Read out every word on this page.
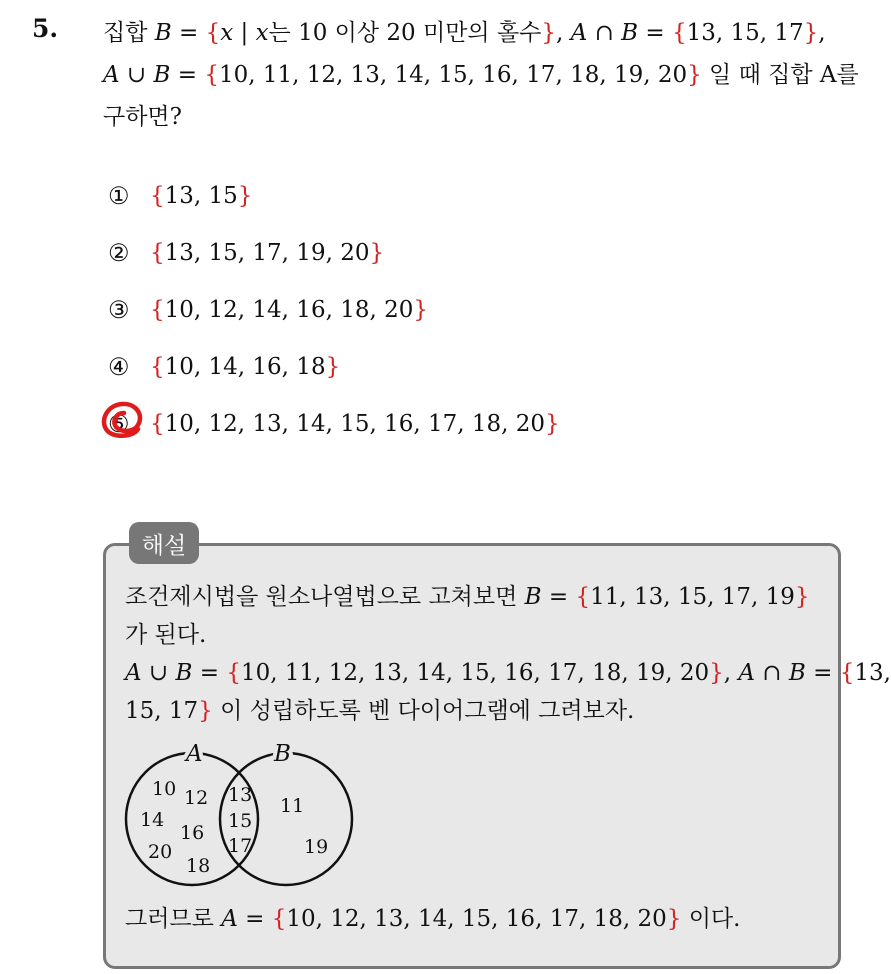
5. 집합 B = {x | x는 10 이상 20 미만의 홀수}, A ∩ B = {13, 15, 17},
A ∪ B = {10, 11, 12, 13, 14, 15, 16, 17, 18, 19, 20} 일 때 집합 A를
구하면?
① { 13, 15 }
② { 13, 15, 17, 19, 20 }
③ { 10, 12, 14, 16, 18, 20 }
④ { 10, 14, 16, 18 }
⑤ { 10, 12, 13, 14, 15, 16, 17, 18, 20 }
해설
조건제시법을 원소나열법으로 고쳐보면 B = {11, 13, 15, 17, 19}
가 된다.
A ∪ B = {10, 11, 12, 13, 14, 15, 16, 17, 18, 19, 20}, A ∩ B = {13,
15, 17} 이 성립하도록 벤 다이어그램에 그려보자.
A	B
10 12
14
16
20
18
13
15
17
11
19
그러므로 A = {10, 12, 13, 14, 15, 16, 17, 18, 20} 이다.
